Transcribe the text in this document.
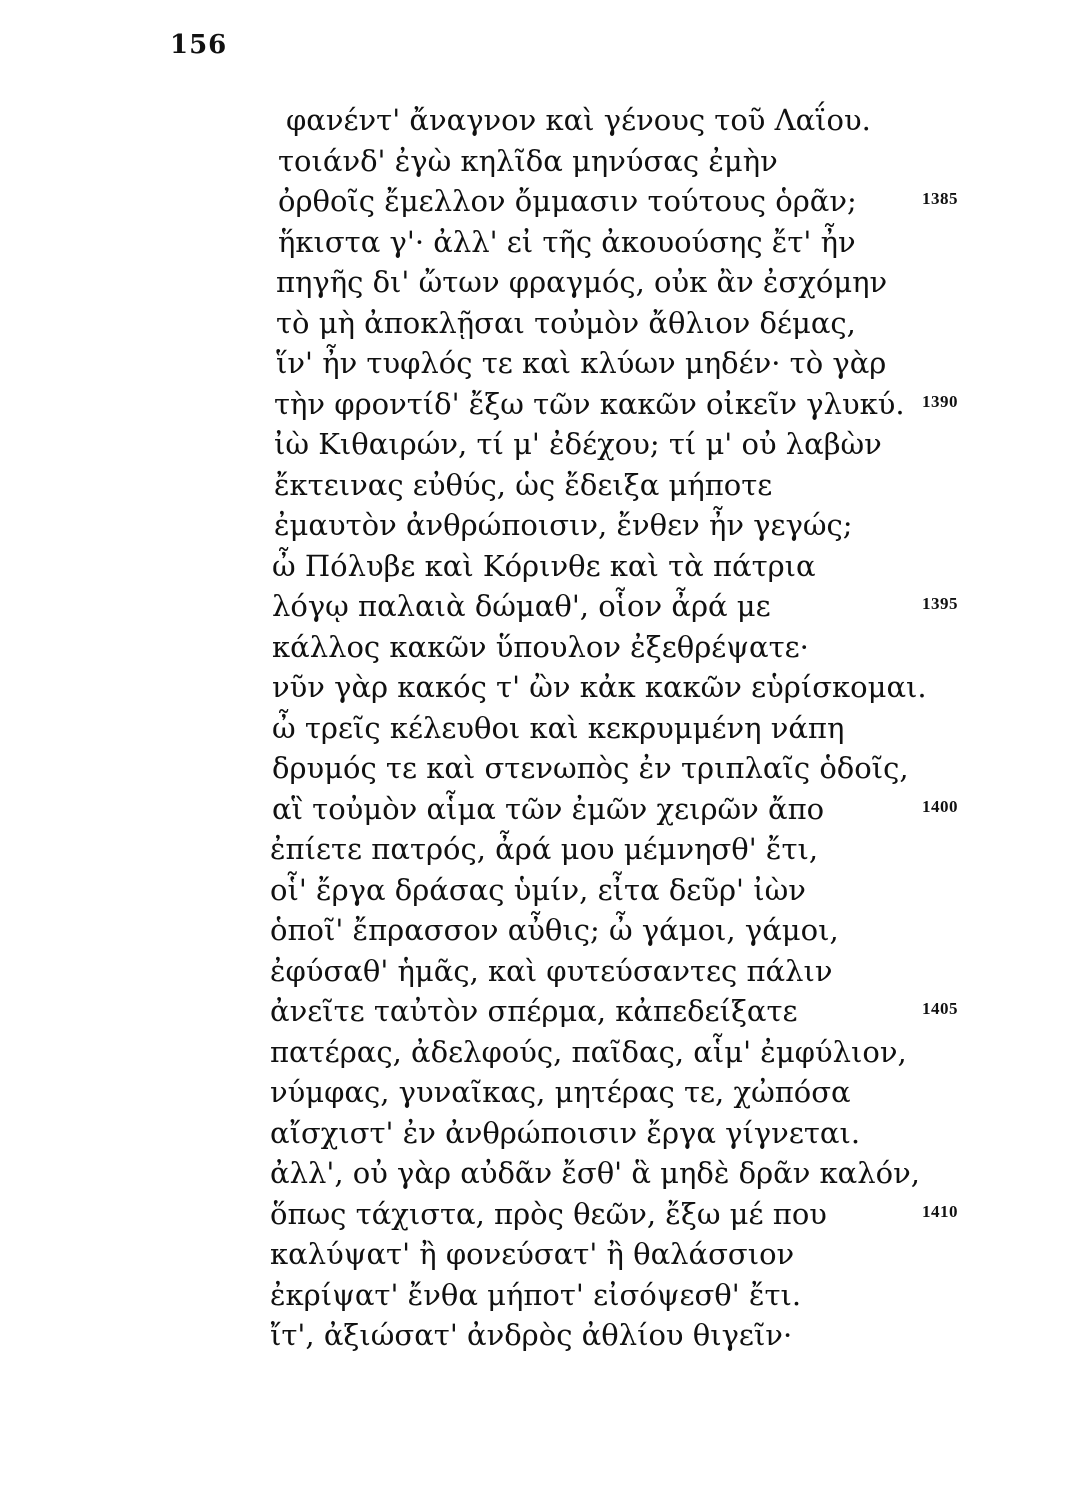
156
φανέντ' ἄναγνον καὶ γένους τοῦ Λαΐου.
τοιάνδ' ἐγὼ κηλῖδα μηνύσας ἐμὴν
ὀρθοῖς ἔμελλον ὄμμασιν τούτους ὁρᾶν;	1385
ἥκιστα γ'· ἀλλ' εἰ τῆς ἀκουούσης ἔτ' ἦν
πηγῆς δι' ὤτων φραγμός, οὐκ ἂν ἐσχόμην
τὸ μὴ ἀποκλῇσαι τοὐμὸν ἄθλιον δέμας,
ἵν' ἦν τυφλός τε καὶ κλύων μηδέν· τὸ γὰρ
τὴν φροντίδ' ἔξω τῶν κακῶν οἰκεῖν γλυκύ. 1390
ἰὼ Κιθαιρών, τί μ' ἐδέχου; τί μ' οὐ λαβὼν
ἔκτεινας εὐθύς, ὡς ἔδειξα μήποτε
ἐμαυτὸν ἀνθρώποισιν, ἔνθεν ἦν γεγώς;
ὦ Πόλυβε καὶ Κόρινθε καὶ τὰ πάτρια
λόγῳ παλαιὰ δώμαθ', οἷον ἆρά με	1395
κάλλος κακῶν ὕπουλον ἐξεθρέψατε·
νῦν γὰρ κακός τ' ὢν κἀκ κακῶν εὑρίσκομαι.
ὦ τρεῖς κέλευθοι καὶ κεκρυμμένη νάπη
δρυμός τε καὶ στενωπὸς ἐν τριπλαῖς ὁδοῖς,
αἳ τοὐμὸν αἷμα τῶν ἐμῶν χειρῶν ἄπο	1400
ἐπίετε πατρός, ἆρά μου μέμνησθ' ἔτι,
οἷ' ἔργα δράσας ὑμίν, εἶτα δεῦρ' ἰὼν
ὁποῖ' ἔπρασσον αὖθις; ὦ γάμοι, γάμοι,
ἐφύσαθ' ἡμᾶς, καὶ φυτεύσαντες πάλιν
ἀνεῖτε ταὐτὸν σπέρμα, κἀπεδείξατε	1405
πατέρας, ἀδελφούς, παῖδας, αἷμ' ἐμφύλιον,
νύμφας, γυναῖκας, μητέρας τε, χὠπόσα
αἴσχιστ' ἐν ἀνθρώποισιν ἔργα γίγνεται.
ἀλλ', οὐ γὰρ αὐδᾶν ἔσθ' ἃ μηδὲ δρᾶν καλόν,
ὅπως τάχιστα, πρὸς θεῶν, ἔξω μέ που	1410
καλύψατ' ἢ φονεύσατ' ἢ θαλάσσιον
ἐκρίψατ' ἔνθα μήποτ' εἰσόψεσθ' ἔτι.
ἴτ', ἀξιώσατ' ἀνδρὸς ἀθλίου θιγεῖν·
